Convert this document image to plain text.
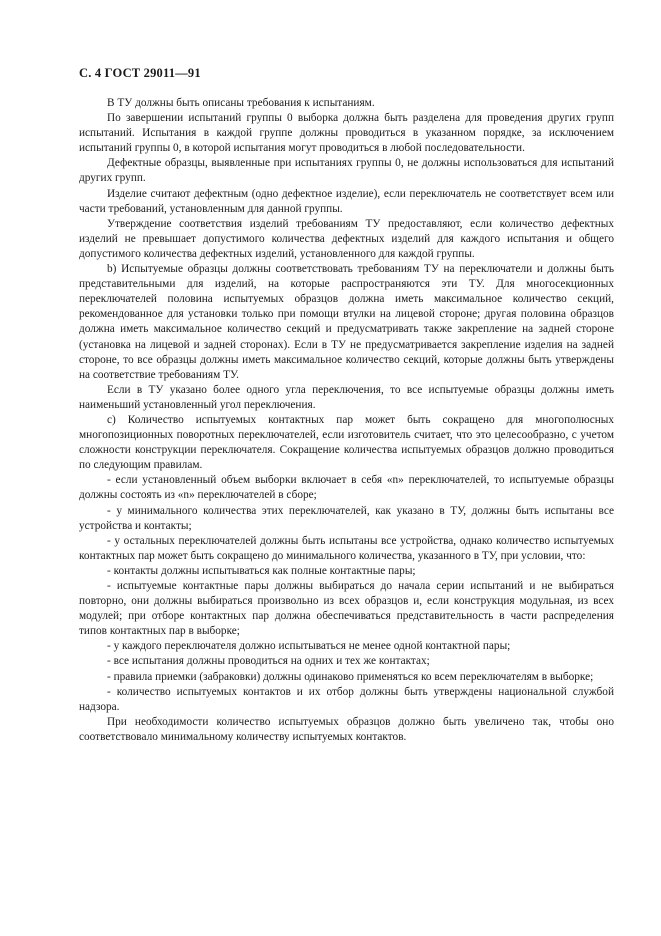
С. 4 ГОСТ 29011—91

В ТУ должны быть описаны требования к испытаниям.

По завершении испытаний группы 0 выборка должна быть разделена для проведения других групп испытаний. Испытания в каждой группе должны проводиться в указанном порядке, за исключением испытаний группы 0, в которой испытания могут проводиться в любой последовательности.

Дефектные образцы, выявленные при испытаниях группы 0, не должны использоваться для испытаний других групп.

Изделие считают дефектным (одно дефектное изделие), если переключатель не соответствует всем или части требований, установленным для данной группы.

Утверждение соответствия изделий требованиям ТУ предоставляют, если количество дефектных изделий не превышает допустимого количества дефектных изделий для каждого испытания и общего допустимого количества дефектных изделий, установленного для каждой группы.

b) Испытуемые образцы должны соответствовать требованиям ТУ на переключатели и должны быть представительными для изделий, на которые распространяются эти ТУ. Для многосекционных переключателей половина испытуемых образцов должна иметь максимальное количество секций, рекомендованное для установки только при помощи втулки на лицевой стороне; другая половина образцов должна иметь максимальное количество секций и предусматривать также закрепление на задней стороне (установка на лицевой и задней сторонах). Если в ТУ не предусматривается закрепление изделия на задней стороне, то все образцы должны иметь максимальное количество секций, которые должны быть утверждены на соответствие требованиям ТУ.

Если в ТУ указано более одного угла переключения, то все испытуемые образцы должны иметь наименьший установленный угол переключения.

c) Количество испытуемых контактных пар может быть сокращено для многополюсных многопозиционных поворотных переключателей, если изготовитель считает, что это целесообразно, с учетом сложности конструкции переключателя. Сокращение количества испытуемых образцов должно проводиться по следующим правилам.

- если установленный объем выборки включает в себя «n» переключателей, то испытуемые образцы должны состоять из «n» переключателей в сборе;

- у минимального количества этих переключателей, как указано в ТУ, должны быть испытаны все устройства и контакты;

- у остальных переключателей должны быть испытаны все устройства, однако количество испытуемых контактных пар может быть сокращено до минимального количества, указанного в ТУ, при условии, что:

- контакты должны испытываться как полные контактные пары;

- испытуемые контактные пары должны выбираться до начала серии испытаний и не выбираться повторно, они должны выбираться произвольно из всех образцов и, если конструкция модульная, из всех модулей; при отборе контактных пар должна обеспечиваться представительность в части распределения типов контактных пар в выборке;

- у каждого переключателя должно испытываться не менее одной контактной пары;

- все испытания должны проводиться на одних и тех же контактах;

- правила приемки (забраковки) должны одинаково применяться ко всем переключателям в выборке;

- количество испытуемых контактов и их отбор должны быть утверждены национальной службой надзора.

При необходимости количество испытуемых образцов должно быть увеличено так, чтобы оно соответствовало минимальному количеству испытуемых контактов.
